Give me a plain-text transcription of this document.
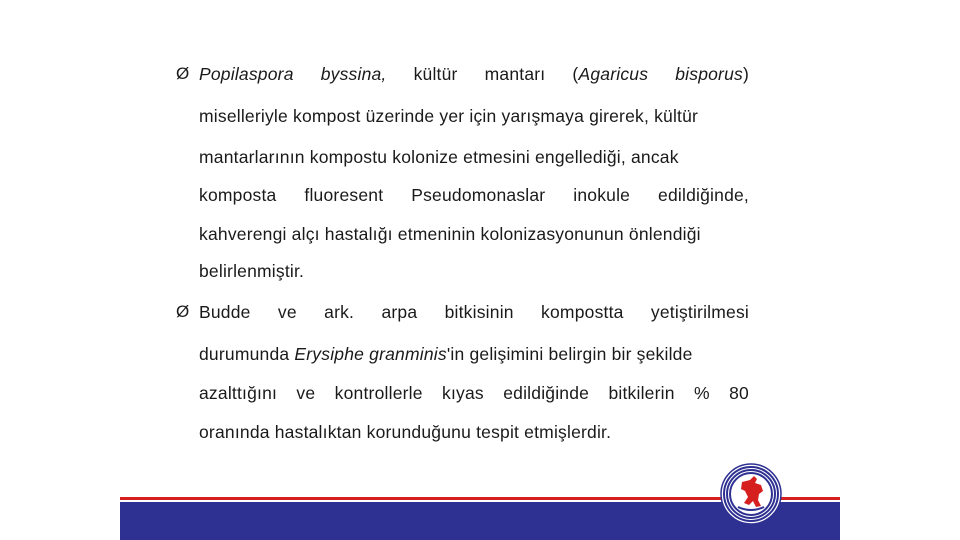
Ø Popilaspora byssina, kültür mantarı (Agaricus bisporus)
miselleriyle kompost üzerinde yer için yarışmaya girerek, kültür
mantarlarının kompostu kolonize etmesini engellediği, ancak
komposta fluoresent Pseudomonaslar inokule edildiğinde,
kahverengi alçı hastalığı etmeninin kolonizasyonunun önlendiği
belirlenmiştir.
Ø Budde ve ark. arpa bitkisinin kompostta yetiştirilmesi
durumunda Erysiphe granminis'in gelişimini belirgin bir şekilde
azalttığını ve kontrollerle kıyas edildiğinde bitkilerin % 80
oranında hastalıktan korunduğunu tespit etmişlerdir.
